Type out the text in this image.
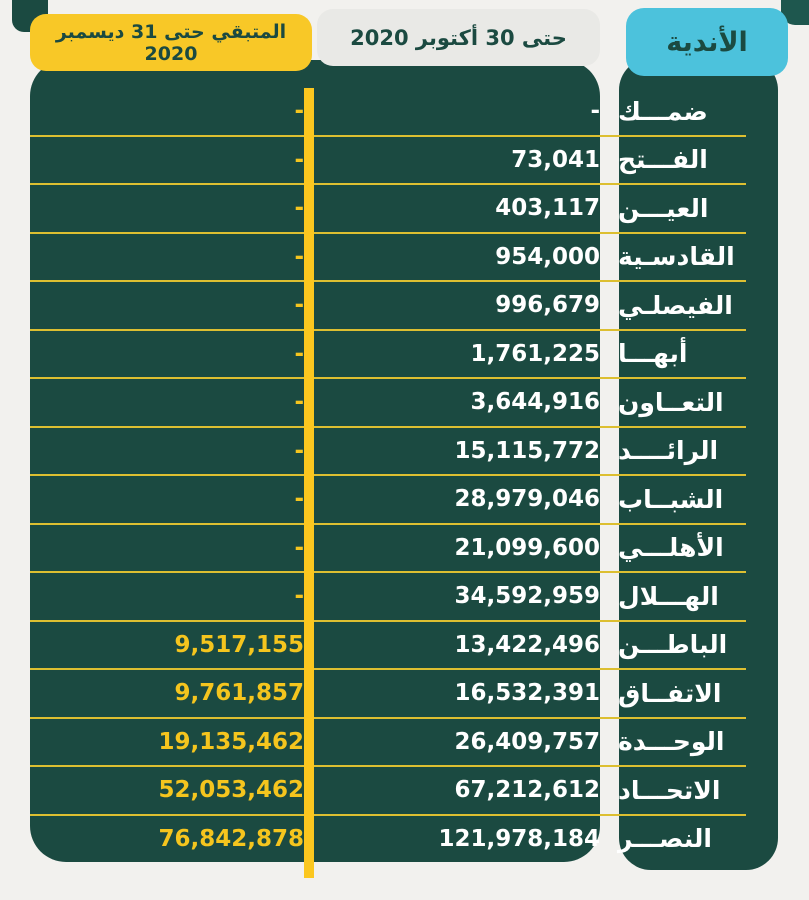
المتبقي حتى 31 ديسمبر 2020
حتى 30 أكتوبر 2020	الأندية
-	- ضمـــك
-	73,041 الفـــتح
-	403,117 العيـــن
-	954,000 القادسـية
-	996,679 الفيصلـي
-	1,761,225 أبهـــا
-	3,644,916 التعــاون
-	15,115,772 الرائــــد
-	28,979,046 الشبــاب
-	21,099,600 الأهلـــي
-	34,592,959 الهـــلال
9,517,155	13,422,496 الباطـــن
9,761,857	16,532,391 الاتفــاق
19,135,462	26,409,757 الوحـــدة
52,053,462	67,212,612 الاتحـــاد
76,842,878	121,978,184 النصـــر
